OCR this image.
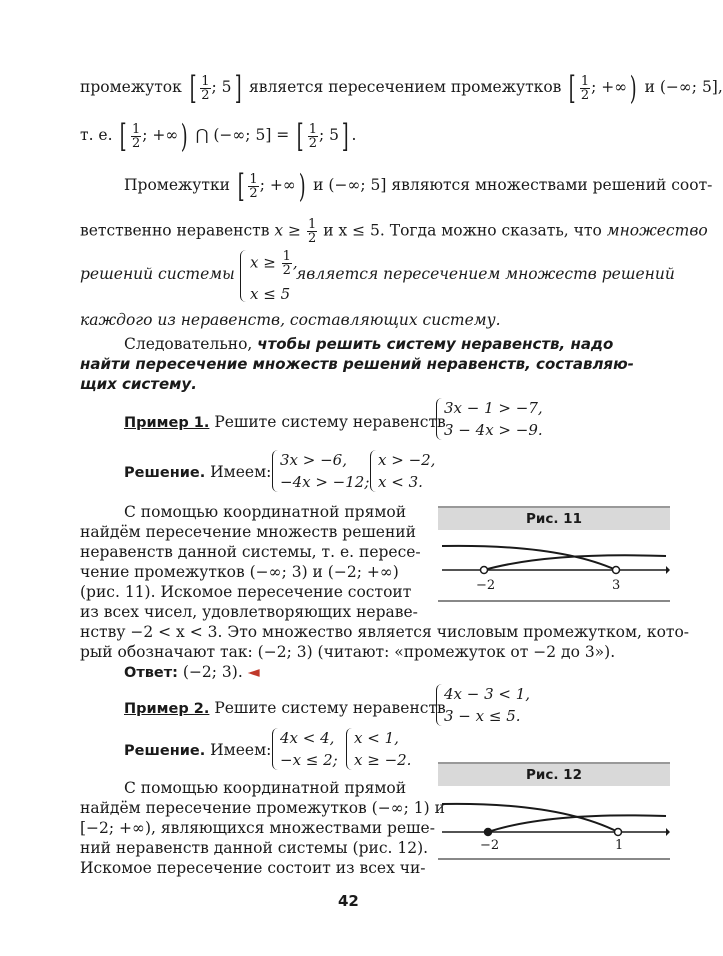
промежуток [ $\frac{1}{2}$ ; 5] является пересечением промежутков [ $\frac{1}{2}$ ; +∞) и (−∞; 5],
т. е. [ $\frac{1}{2}$ ; +∞) ⋂ (−∞; 5] = [ $\frac{1}{2}$ ; 5] .
Промежутки [ $\frac{1}{2}$ ; +∞) и (−∞; 5] являются множествами решений соот-
ветственно неравенств $x \ge \frac{1}{2}$ и x ≤ 5. Тогда можно сказать, что множество
решений системы
$x \ge \frac{1}{2}$ ,
x ≤ 5
является пересечением множеств решений
каждого из неравенств, составляющих систему.
Следовательно, чтобы решить систему неравенств, надо
найти пересечение множеств решений неравенств, составляю-
щих систему.
Пример 1. Решите систему неравенств
3x − 1 > −7,
3 − 4x > −9.
Решение. Имеем:
3x > −6,
−4x > −12;
x > −2,
x < 3.
С помощью координатной прямой
найдём пересечение множеств решений
неравенств данной системы, т. е. пересе-
чение промежутков (−∞; 3) и (−2; +∞)
(рис. 11). Искомое пересечение состоит
из всех чисел, удовлетворяющих нераве-
нству −2 < x < 3. Это множество является числовым промежутком, кото-
рый обозначают так: (−2; 3) (читают: «промежуток от −2 до 3»).
Ответ: (−2; 3). ◄
Рис. 11
−2	3
Пример 2. Решите систему неравенств
4x − 3 < 1,
3 − x ≤ 5.
Решение. Имеем:
4x < 4,
−x ≤ 2;
x < 1,
x ≥ −2.
С помощью координатной прямой
найдём пересечение промежутков (−∞; 1) и
[−2; +∞), являющихся множествами реше-
ний неравенств данной системы (рис. 12).
Искомое пересечение состоит из всех чи-
Рис. 12
−2	1
42
